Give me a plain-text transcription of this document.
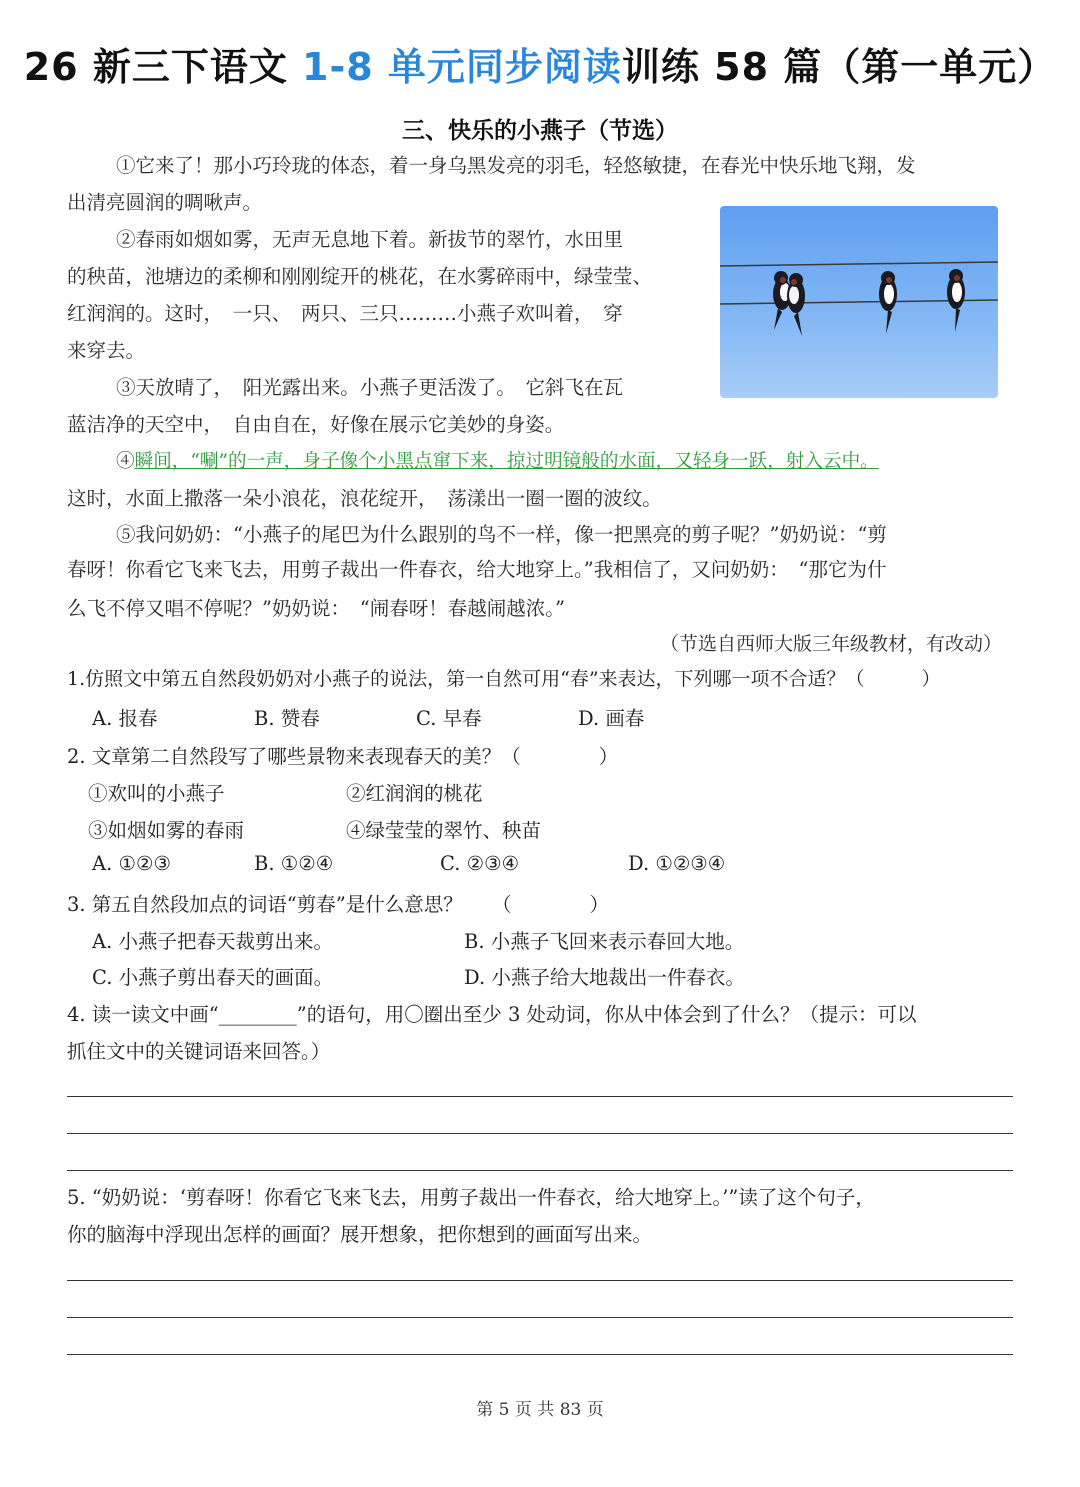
26 新三下语文 1-8 单元同步阅读训练 58 篇（第一单元）
三、快乐的小燕子（节选）
①它来了！那小巧玲珑的体态，着一身乌黑发亮的羽毛，轻悠敏捷，在春光中快乐地飞翔，发
出清亮圆润的啁啾声。
②春雨如烟如雾，无声无息地下着。新拔节的翠竹，水田里
的秧苗，池塘边的柔柳和刚刚绽开的桃花，在水雾碎雨中，绿莹莹、
红润润的。这时，　一只、　两只、三只………小燕子欢叫着，　穿
来穿去。
③天放晴了，　阳光露出来。小燕子更活泼了。　它斜飞在瓦
蓝洁净的天空中，　自由自在，好像在展示它美妙的身姿。
④瞬间，“唰”的一声，身子像个小黑点窜下来，掠过明镜般的水面，又轻身一跃，射入云中。
这时，水面上撒落一朵小浪花，浪花绽开，　荡漾出一圈一圈的波纹。
⑤我问奶奶：“小燕子的尾巴为什么跟别的鸟不一样，像一把黑亮的剪子呢？”奶奶说：“剪
春呀！你看它飞来飞去，用剪子裁出一件春衣，给大地穿上。”我相信了，又问奶奶：　“那它为什
么飞不停又唱不停呢？”奶奶说：　“闹春呀！春越闹越浓。”
（节选自西师大版三年级教材，有改动）
1.仿照文中第五自然段奶奶对小燕子的说法，第一自然可用“春”来表达，下列哪一项不合适？（　　　）
A. 报春	B. 赞春	C. 早春	D. 画春
2. 文章第二自然段写了哪些景物来表现春天的美？（　　　　）
①欢叫的小燕子	②红润润的桃花
③如烟如雾的春雨	④绿莹莹的翠竹、秧苗
A. ①②③	B. ①②④	C. ②③④	D. ①②③④
3. 第五自然段加点的词语“剪春”是什么意思？　　（　　　　）
A. 小燕子把春天裁剪出来。	B. 小燕子飞回来表示春回大地。
C. 小燕子剪出春天的画面。	D. 小燕子给大地裁出一件春衣。
4. 读一读文中画“________”的语句，用〇圈出至少 3 处动词，你从中体会到了什么？（提示：可以
抓住文中的关键词语来回答。）
5. “奶奶说：‘剪春呀！你看它飞来飞去，用剪子裁出一件春衣，给大地穿上。’”读了这个句子，
你的脑海中浮现出怎样的画面？展开想象，把你想到的画面写出来。
第 5 页 共 83 页
